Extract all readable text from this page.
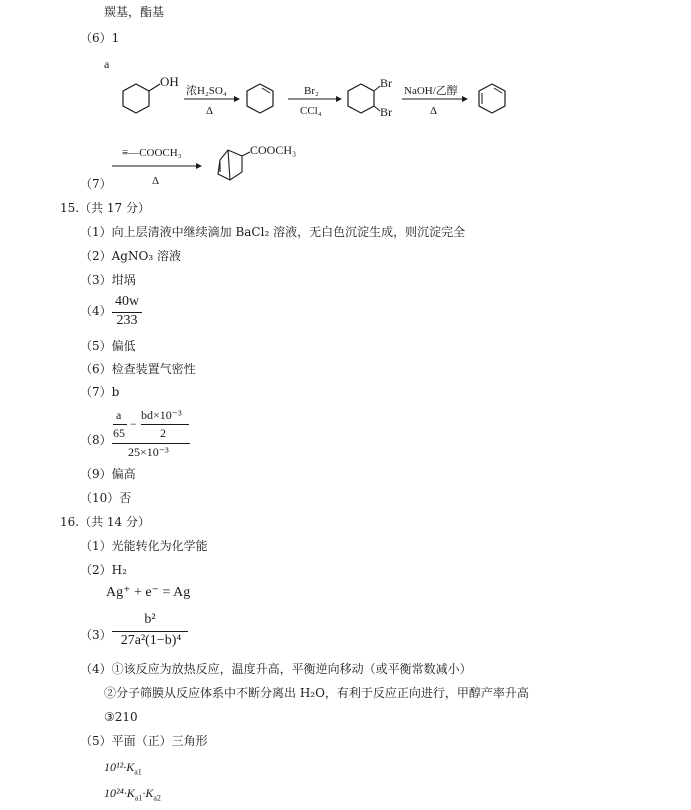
羰基，酯基
（6）1
a
OH
浓H₂SO₄
Δ
Br₂
CCl₄
Br
Br
NaOH/乙醇
Δ
≡—COOCH₃
Δ
COOCH₃
（7）
15.（共 17 分）
（1）向上层清液中继续滴加 BaCl₂ 溶液，无白色沉淀生成，则沉淀完全
（2）AgNO₃ 溶液
（3）坩埚
（4）
40w
233
（5）偏低
（6）检查装置气密性
（7）b
（8）
a
65
−
bd×10⁻³
2
25×10⁻³
（9）偏高
（10）否
16.（共 14 分）
（1）光能转化为化学能
（2）H₂
Ag⁺ + e⁻ = Ag
（3）
b²
27a²(1−b)⁴
（4）①该反应为放热反应，温度升高，平衡逆向移动（或平衡常数减小）
②分子筛膜从反应体系中不断分离出 H₂O，有利于反应正向进行，甲醇产率升高
③210
（5）平面（正）三角形
$10^{12}\cdot K_{a1}$
$10^{24}\cdot K_{a1}\cdot K_{a2}$
